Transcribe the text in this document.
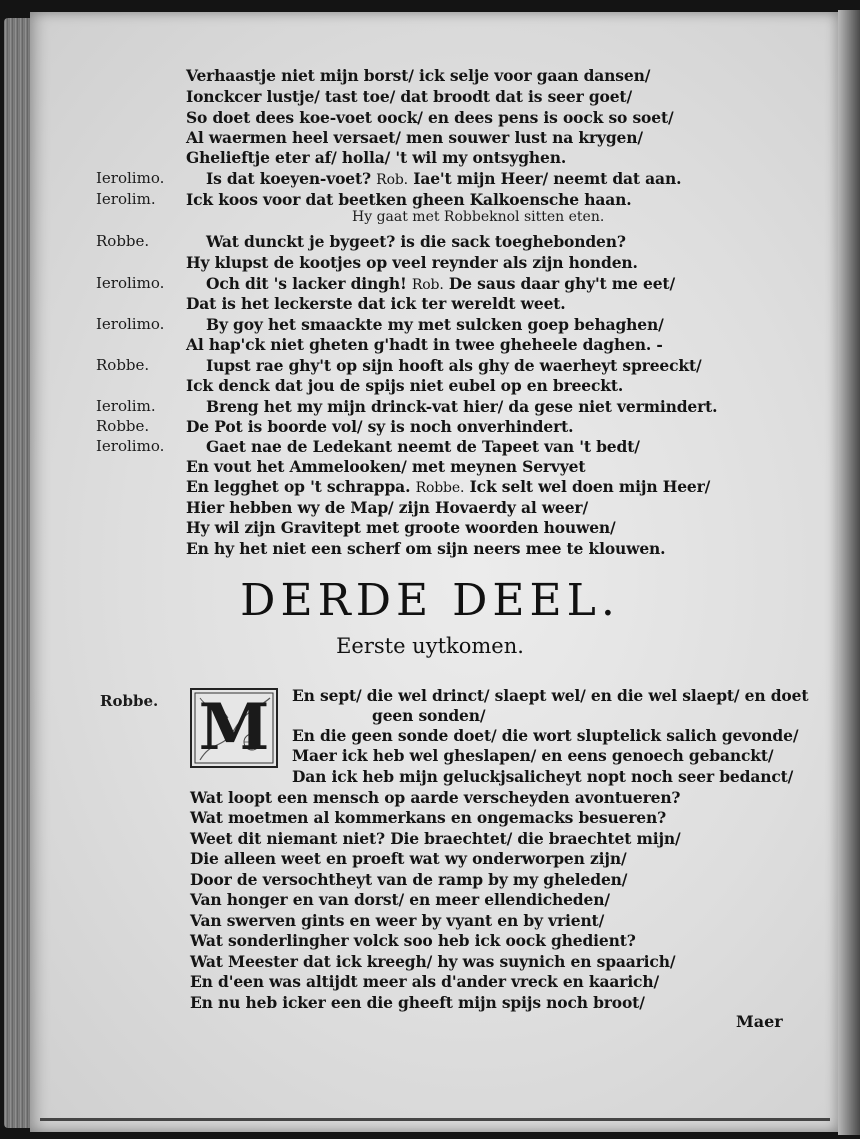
Ierolimo.
Ierolim.
Robbe.
Ierolimo.
Ierolimo.
Robbe.
Ierolim.
Robbe.
Ierolimo.
Robbe.
Verhaastje niet mijn borst/ ick selje voor gaan dansen/
Ionckcer lustje/ tast toe/ dat broodt dat is seer goet/
So doet dees koe-voet oock/ en dees pens is oock so soet/
Al waermen heel versaet/ men souwer lust na krygen/
Ghelieftje eter af/ holla/ 't wil my ontsyghen.
Is dat koeyen-voet? Rob. Iae't mijn Heer/ neemt dat aan.
Ick koos voor dat beetken gheen Kalkoensche haan.
Hy gaat met Robbeknol sitten eten.
Wat dunckt je bygeet? is die sack toeghebonden?
Hy klupst de kootjes op veel reynder als zijn honden.
Och dit 's lacker dingh! Rob. De saus daar ghy't me eet/
Dat is het leckerste dat ick ter wereldt weet.
By goy het smaackte my met sulcken goep behaghen/
Al hap'ck niet gheten g'hadt in twee gheheele daghen. -
Iupst rae ghy't op sijn hooft als ghy de waerheyt spreeckt/
Ick denck dat jou de spijs niet eubel op en breeckt.
Breng het my mijn drinck-vat hier/ da gese niet vermindert.
De Pot is boorde vol/ sy is noch onverhindert.
Gaet nae de Ledekant neemt de Tapeet van 't bedt/
En vout het Ammelooken/ met meynen Servyet
En legghet op 't schrappa. Robbe. Ick selt wel doen mijn Heer/
Hier hebben wy de Map/ zijn Hovaerdy al weer/
Hy wil zijn Gravitept met groote woorden houwen/
En hy het niet een scherf om sijn neers mee te klouwen.
DERDE DEEL.
Eerste uytkomen.
M En sept/ die wel drinct/ slaept wel/ en die wel slaept/ en doet
geen sonden/
En die geen sonde doet/ die wort sluptelick salich gevonde/
Maer ick heb wel gheslapen/ en eens genoech gebanckt/
Dan ick heb mijn geluckjsalicheyt nopt noch seer bedanct/
Wat loopt een mensch op aarde verscheyden avontueren?
Wat moetmen al kommerkans en ongemacks besueren?
Weet dit niemant niet? Die braechtet/ die braechtet mijn/
Die alleen weet en proeft wat wy onderworpen zijn/
Door de versochtheyt van de ramp by my gheleden/
Van honger en van dorst/ en meer ellendicheden/
Van swerven gints en weer by vyant en by vrient/
Wat sonderlingher volck soo heb ick oock ghedient?
Wat Meester dat ick kreegh/ hy was suynich en spaarich/
En d'een was altijdt meer als d'ander vreck en kaarich/
En nu heb icker een die gheeft mijn spijs noch broot/
Maer
